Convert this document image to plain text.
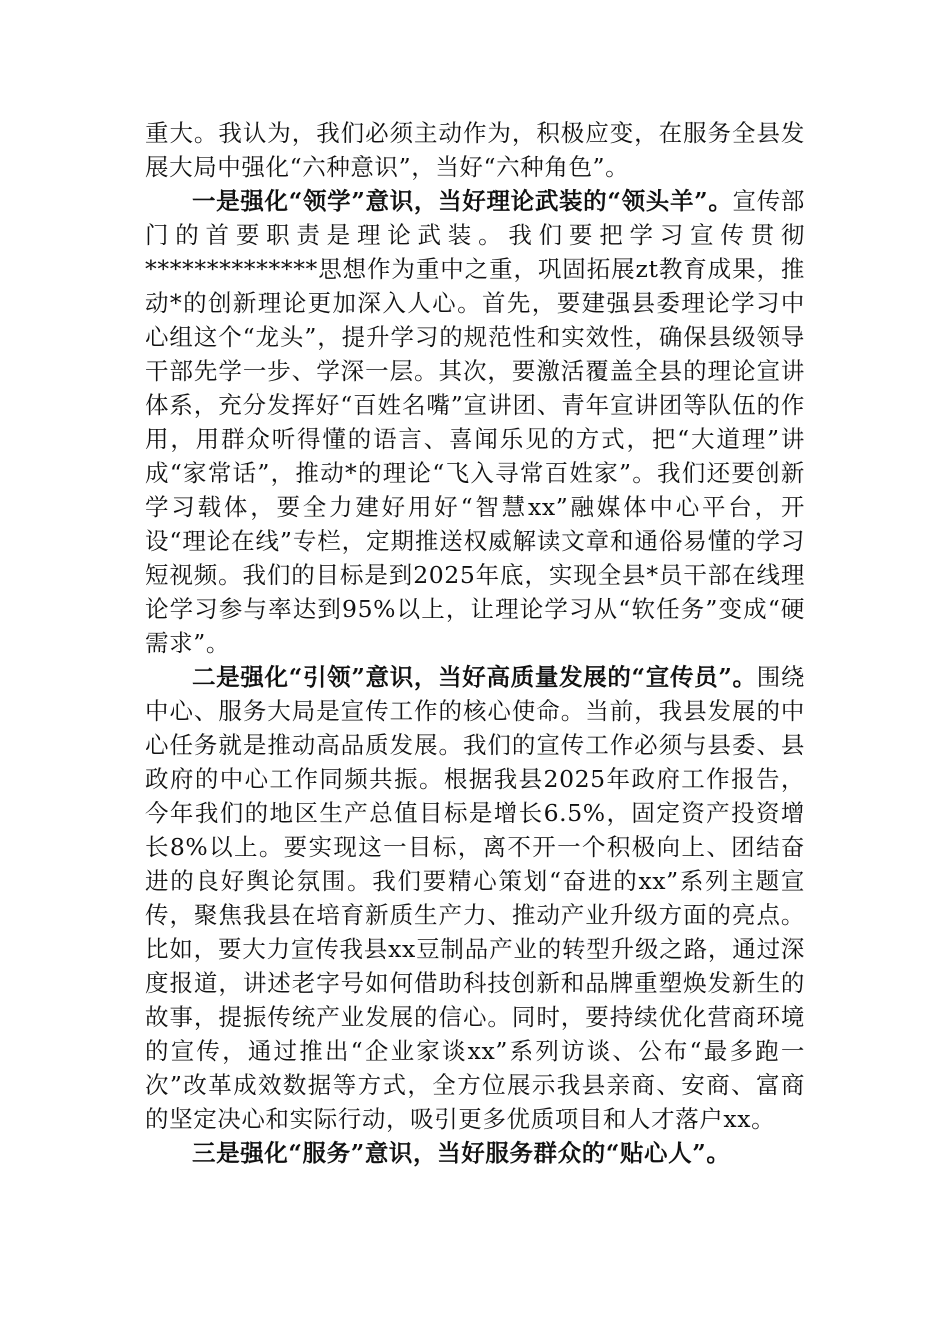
重大。我认为，我们必须主动作为，积极应变，在服务全县发展大局中强化“六种意识”，当好“六种角色”。

一是强化“领学”意识，当好理论武装的“领头羊”。宣传部门的首要职责是理论武装。我们要把学习宣传贯彻**************思想作为重中之重，巩固拓展zt教育成果，推动*的创新理论更加深入人心。首先，要建强县委理论学习中心组这个“龙头”，提升学习的规范性和实效性，确保县级领导干部先学一步、学深一层。其次，要激活覆盖全县的理论宣讲体系，充分发挥好“百姓名嘴”宣讲团、青年宣讲团等队伍的作用，用群众听得懂的语言、喜闻乐见的方式，把“大道理”讲成“家常话”，推动*的理论“飞入寻常百姓家”。我们还要创新学习载体，要全力建好用好“智慧xx”融媒体中心平台，开设“理论在线”专栏，定期推送权威解读文章和通俗易懂的学习短视频。我们的目标是到2025年底，实现全县*员干部在线理论学习参与率达到95%以上，让理论学习从“软任务”变成“硬需求”。

二是强化“引领”意识，当好高质量发展的“宣传员”。围绕中心、服务大局是宣传工作的核心使命。当前，我县发展的中心任务就是推动高品质发展。我们的宣传工作必须与县委、县政府的中心工作同频共振。根据我县2025年政府工作报告，今年我们的地区生产总值目标是增长6.5%，固定资产投资增长8%以上。要实现这一目标，离不开一个积极向上、团结奋进的良好舆论氛围。我们要精心策划“奋进的xx”系列主题宣传，聚焦我县在培育新质生产力、推动产业升级方面的亮点。比如，要大力宣传我县xx豆制品产业的转型升级之路，通过深度报道，讲述老字号如何借助科技创新和品牌重塑焕发新生的故事，提振传统产业发展的信心。同时，要持续优化营商环境的宣传，通过推出“企业家谈xx”系列访谈、公布“最多跑一次”改革成效数据等方式，全方位展示我县亲商、安商、富商的坚定决心和实际行动，吸引更多优质项目和人才落户xx。

三是强化“服务”意识，当好服务群众的“贴心人”。
